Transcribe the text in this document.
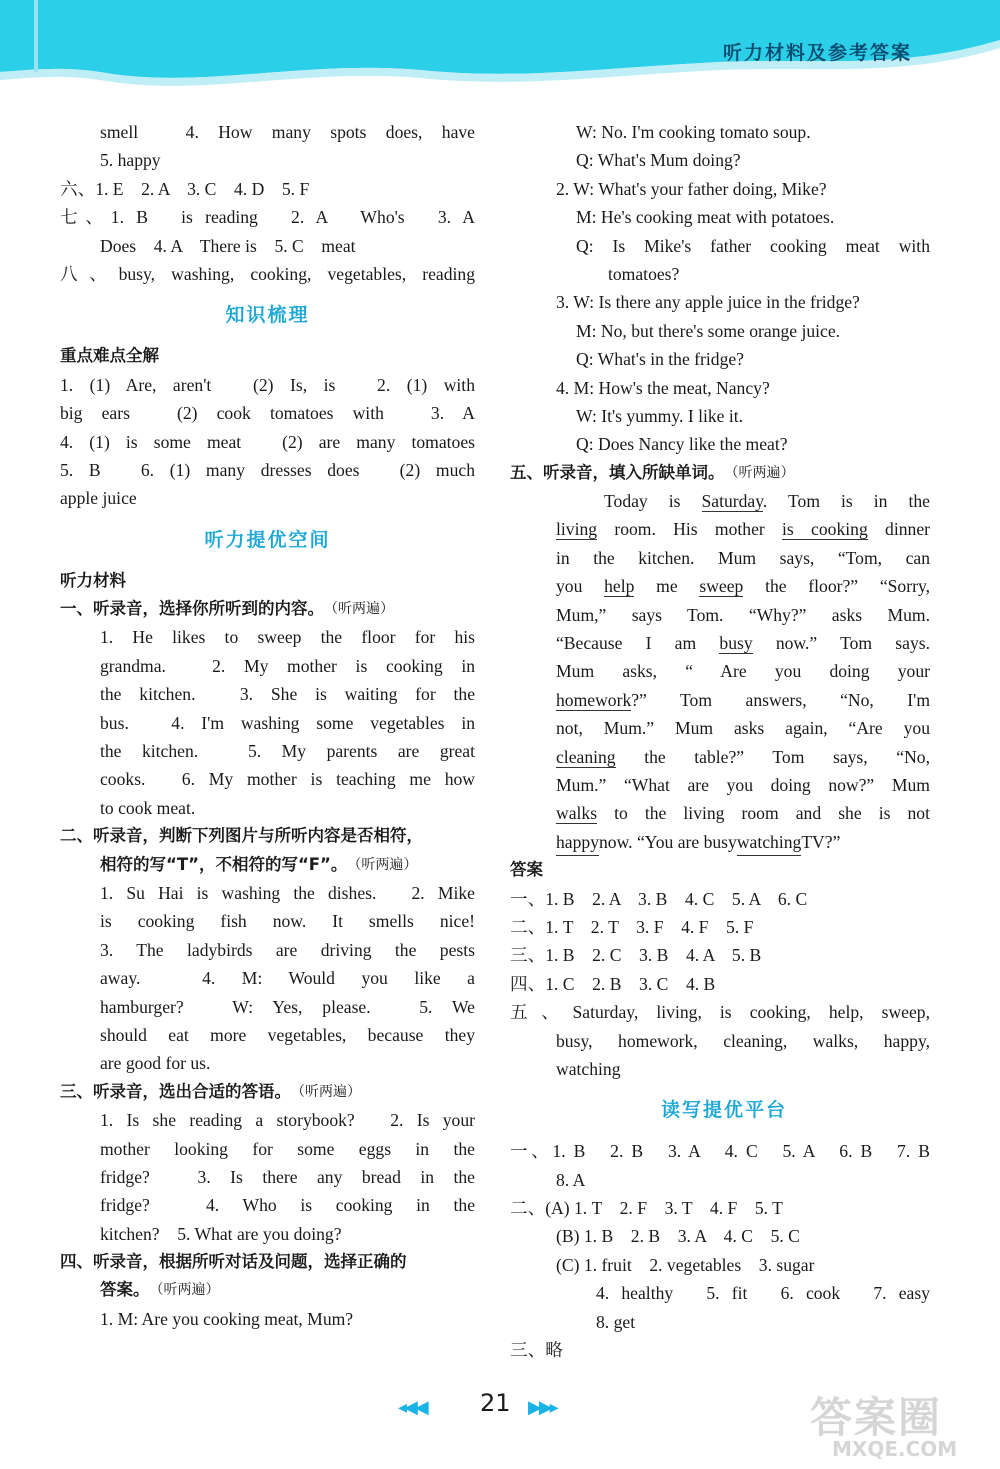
听力材料及参考答案
smell　4. How many spots does, have
5. happy
六、1. E　2. A　3. C　4. D　5. F
七、1. B　is reading　2. A　Who's　3. A
Does　4. A　There is　5. C　meat
八、busy, washing, cooking, vegetables, reading
知识梳理
重点难点全解
1. (1) Are, aren't　(2) Is, is　2. (1) with
big ears　(2) cook tomatoes with　3. A
4. (1) is some meat　(2) are many tomatoes
5. B　6. (1) many dresses does　(2) much
apple juice
听力提优空间
听力材料
一、听录音，选择你所听到的内容。 （听两遍）
1. He likes to sweep the floor for his
grandma.　2. My mother is cooking in
the kitchen.　3. She is waiting for the
bus.　4. I'm washing some vegetables in
the kitchen.　5. My parents are great
cooks.　6. My mother is teaching me how
to cook meat.
二、听录音，判断下列图片与所听内容是否相符，
相符的写“T”，不相符的写“F”。 （听两遍）
1. Su Hai is washing the dishes.　2. Mike
is cooking fish now. It smells nice!
3. The ladybirds are driving the pests
away.　4. M: Would you like a
hamburger?　W: Yes, please.　5. We
should eat more vegetables, because they
are good for us.
三、听录音，选出合适的答语。 （听两遍）
1. Is she reading a storybook?　2. Is your
mother looking for some eggs in the
fridge?　3. Is there any bread in the
fridge?　4. Who is cooking in the
kitchen?　5. What are you doing?
四、听录音，根据所听对话及问题，选择正确的
答案。 （听两遍）
1. M: Are you cooking meat, Mum?
W: No. I'm cooking tomato soup.
Q: What's Mum doing?
2. W: What's your father doing, Mike?
M: He's cooking meat with potatoes.
Q: Is Mike's father cooking meat with
tomatoes?
3. W: Is there any apple juice in the fridge?
M: No, but there's some orange juice.
Q: What's in the fridge?
4. M: How's the meat, Nancy?
W: It's yummy. I like it.
Q: Does Nancy like the meat?
五、听录音，填入所缺单词。 （听两遍）
Today is Saturday. Tom is in the
living room. His mother is cooking dinner
in the kitchen. Mum says, “Tom, can
you help me sweep the floor?” “Sorry,
Mum,” says Tom. “Why?” asks Mum.
“Because I am busy now.” Tom says.
Mum asks, “ Are you doing your
homework?” Tom answers, “No, I'm
not, Mum.” Mum asks again, “Are you
cleaning the table?” Tom says, “No,
Mum.” “What are you doing now?” Mum
walks to the living room and she is not
happy now. “You are busy watching TV?”
答案
一、1. B　2. A　3. B　4. C　5. A　6. C
二、1. T　2. T　3. F　4. F　5. F
三、1. B　2. C　3. B　4. A　5. B
四、1. C　2. B　3. C　4. B
五、Saturday, living, is cooking, help, sweep,
busy, homework, cleaning, walks, happy,
watching
读写提优平台
一、1. B　2. B　3. A　4. C　5. A　6. B　7. B
8. A
二、(A) 1. T　2. F　3. T　4. F　5. T
(B) 1. B　2. B　3. A　4. C　5. C
(C) 1. fruit　2. vegetables　3. sugar
4. healthy　5. fit　6. cook　7. easy
8. get
三、略
◂◀◀ 21 ▶▶▸	答案圈
MXQE.COM
